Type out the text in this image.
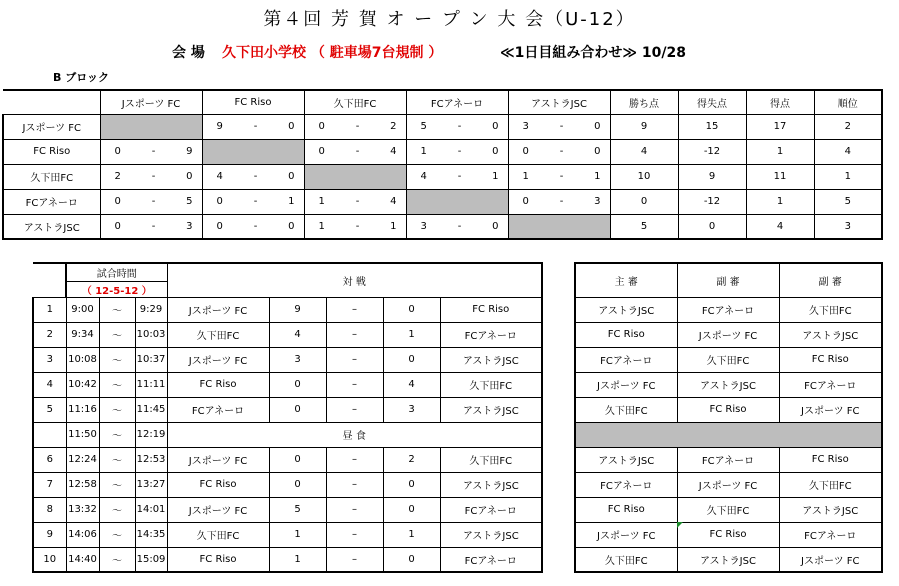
第４回 芳 賀 オ ー プ ン 大 会（U-12）
会 場 久下田小学校 （ 駐車場7台規制 ）	≪1日目組み合わせ≫ 10/28
B ブロック
	Jスポーツ FC	FC Riso	久下田FC	FCアネーロ	アストラJSC	勝ち点	得失点	得点	順位
Jスポーツ FC		9 - 0	0 - 2	5 - 0	3 - 0	9	15	17	2
FC Riso	0 - 9		0 - 4	1 - 0	0 - 0	4	-12	1	4
久下田FC	2 - 0	4 - 0		4 - 1	1 - 1	10	9	11	1
FCアネーロ	0 - 5	0 - 1	1 - 4		0 - 3	0	-12	1	5
アストラJSC	0 - 3	0 - 0	1 - 1	3 - 0		5	0	4	3
	試合時間			対 戦				
	（ 12-5-12 ）							
1	9:00	～	9:29	Jスポーツ FC	9	–	0	FC Riso
2	9:34	～	10:03	久下田FC	4	–	1	FCアネーロ
3	10:08	～	10:37	Jスポーツ FC	3	–	0	アストラJSC
4	10:42	～	11:11	FC Riso	0	–	4	久下田FC
5	11:16	～	11:45	FCアネーロ	0	–	3	アストラJSC
	11:50	～	12:19	昼 食				
6	12:24	～	12:53	Jスポーツ FC	0	–	2	久下田FC
7	12:58	～	13:27	FC Riso	0	–	0	アストラJSC
8	13:32	～	14:01	Jスポーツ FC	5	–	0	FCアネーロ
9	14:06	～	14:35	久下田FC	1	–	1	アストラJSC
10	14:40	～	15:09	FC Riso	1	–	0	FCアネーロ
主 審	副 審	副 審
アストラJSC	FCアネーロ	久下田FC
FC Riso	Jスポーツ FC	アストラJSC
FCアネーロ	久下田FC	FC Riso
Jスポーツ FC	アストラJSC	FCアネーロ
久下田FC	FC Riso	Jスポーツ FC

アストラJSC	FCアネーロ	FC Riso
FCアネーロ	Jスポーツ FC	久下田FC
FC Riso	久下田FC	アストラJSC
Jスポーツ FC	FC Riso	FCアネーロ
久下田FC	アストラJSC	Jスポーツ FC
